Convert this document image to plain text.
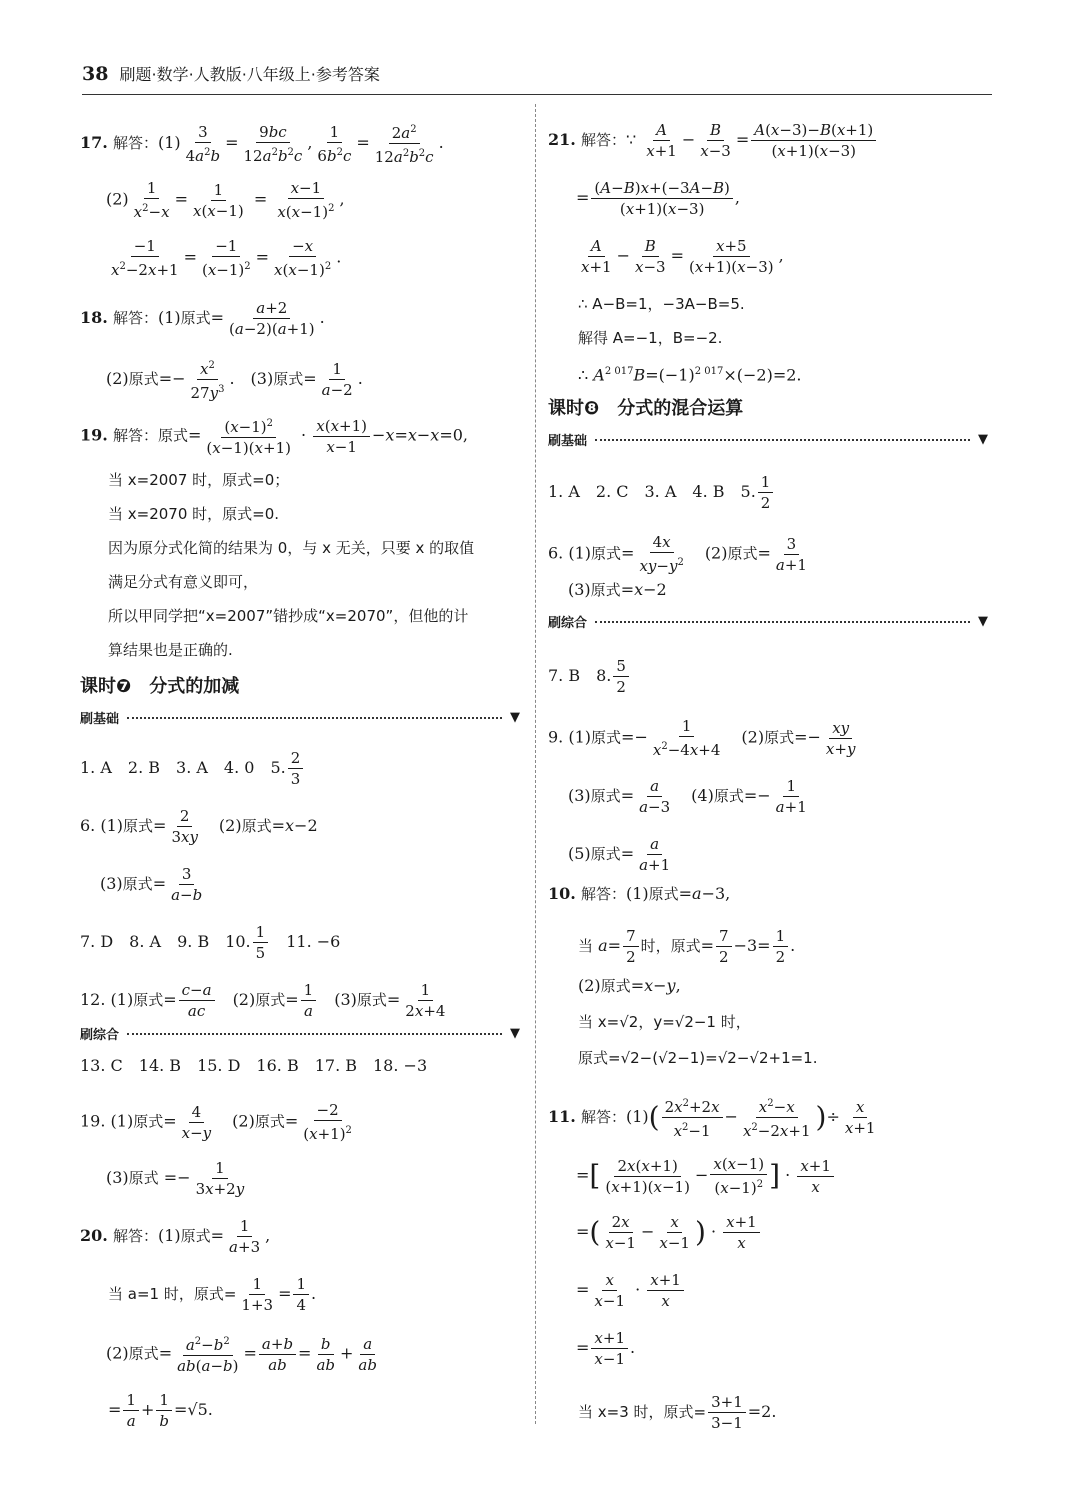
38 刷题·数学·人教版·八年级上·参考答案
17. 解答：$(1) \frac{3}{4a^2b} = \frac{9bc}{12a^2b^2c}$ , $\frac{1}{6b^2c} = \frac{2a^2}{12a^2b^2c}$ .
$(2) \frac{1}{x^2-x} = \frac{1}{x(x-1)} = \frac{x-1}{x(x-1)^2}$ ,
$\frac{-1}{x^2-2x+1} = \frac{-1}{(x-1)^2} = \frac{-x}{x(x-1)^2}$ .
18. 解答：(1)原式= $\frac{a+2}{(a-2)(a+1)}$ .
(2)原式=− $\frac{x^2}{27y^3}$ .　(3)原式= $\frac{1}{a-2}$ .
19. 解答：原式= $\frac{(x-1)^2}{(x-1)(x+1)} \cdot \frac{x(x+1)}{x-1} -x=x-x=0$,
当 x=2007 时，原式=0；
当 x=2070 时，原式=0.
因为原分式化简的结果为 0，与 x 无关，只要 x 的取值
满足分式有意义即可，
所以甲同学把“x=2007”错抄成“x=2070”，但他的计
算结果也是正确的.
课时❼　分式的加减
刷基础	▼
1. A　2. B　3. A　4. 0　5. $\frac{2}{3}$
6. (1)原式= $\frac{2}{3xy}$ 　(2)原式=x−2
(3)原式= $\frac{3}{a-b}$
7. D　8. A　9. B　10. $\frac{1}{5}$
　 11. −6
12. (1)原式= $\frac{c-a}{ac}$ 　(2)原式= $\frac{1}{a}$ 　(3)原式= $\frac{1}{2x+4}$
刷综合	▼
13. C　14. B　15. D　16. B　17. B　18. −3
19. (1)原式= $\frac{4}{x-y}$ 　(2)原式= $\frac{-2}{(x+1)^2}$
(3)原式 =− $\frac{1}{3x+2y}$
20. 解答：(1)原式= $\frac{1}{a+3}$ ,
当 a=1 时，原式= $\frac{1}{1+3} = \frac{1}{4}$ .
(2)原式= $\frac{a^2-b^2}{ab(a-b)} = \frac{a+b}{ab} = \frac{b}{ab} + \frac{a}{ab}$
= $\frac{1}{a} + \frac{1}{b} =√5$.
21. 解答：∵ $\frac{A}{x+1} - \frac{B}{x-3} = \frac{A(x-3)-B(x+1)}{(x+1)(x-3)}$
= $\frac{(A-B)x+(-3A-B)}{(x+1)(x-3)}$ ,
$\frac{A}{x+1} - \frac{B}{x-3} = \frac{x+5}{(x+1)(x-3)}$ ,
∴ A−B=1，−3A−B=5.
解得 A=−1，B=−2.
∴ $A^{2 017}B=(-1)^{2 017}\times(-2)=2$.
课时❽　分式的混合运算
刷基础	▼
1. A　2. C　3. A　4. B　5. $\frac{1}{2}$
6. (1)原式= $\frac{4x}{xy-y^2}$ 　(2)原式= $\frac{3}{a+1}$
(3)原式=x−2
刷综合	▼
7. B　8. $\frac{5}{2}$
9. (1)原式=− $\frac{1}{x^2-4x+4}$ 　(2)原式=− $\frac{xy}{x+y}$
(3)原式= $\frac{a}{a-3}$ 　(4)原式=− $\frac{1}{a+1}$
(5)原式= $\frac{a}{a+1}$
10. 解答：(1)原式=a−3,
当 $a= \frac{7}{2}$ 时，原式= $\frac{7}{2} -3= \frac{1}{2}$ .
(2)原式=x−y,
当 x=√2，y=√2−1 时，
原式=√2−(√2−1)=√2−√2+1=1.
11. 解答：$(1)( \frac{2x^2+2x}{x^2-1} - \frac{x^2-x}{x^2-2x+1}$ )÷ $\frac{x}{x+1}$
=[ $\frac{2x(x+1)}{(x+1)(x-1)} - \frac{x(x-1)}{(x-1)^2}$ ] · $\frac{x+1}{x}$
=( $\frac{2x}{x-1} - \frac{x}{x-1}$ ) · $\frac{x+1}{x}$
= $\frac{x}{x-1} \cdot \frac{x+1}{x}$
= $\frac{x+1}{x-1}$ .
当 x=3 时，原式= $\frac{3+1}{3-1} =2$.
